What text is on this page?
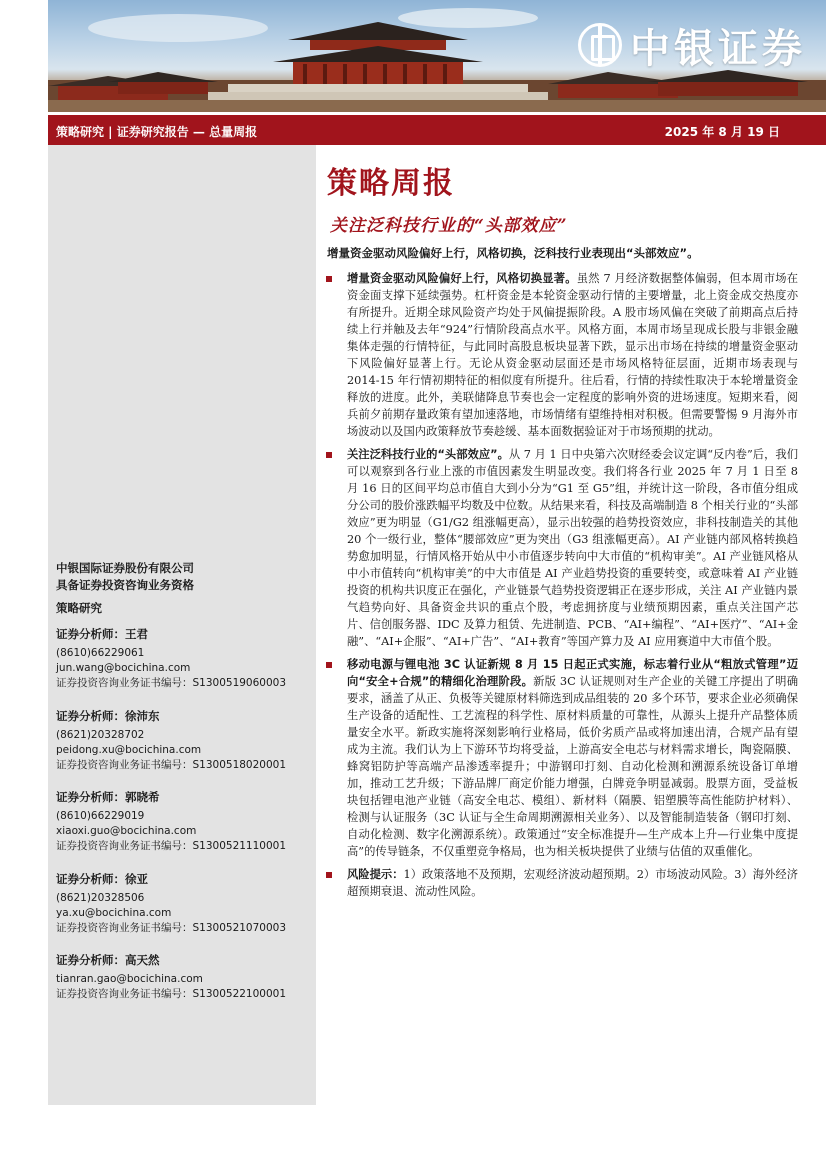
中银证券
策略研究 | 证券研究报告 — 总量周报	2025 年 8 月 19 日
中银国际证券股份有限公司
具备证券投资咨询业务资格
策略研究
证券分析师：王君
(8610)66229061
jun.wang@bocichina.com
证券投资咨询业务证书编号：S1300519060003
证券分析师：徐沛东
(8621)20328702
peidong.xu@bocichina.com
证券投资咨询业务证书编号：S1300518020001
证券分析师：郭晓希
(8610)66229019
xiaoxi.guo@bocichina.com
证券投资咨询业务证书编号：S1300521110001
证券分析师：徐亚
(8621)20328506
ya.xu@bocichina.com
证券投资咨询业务证书编号：S1300521070003
证券分析师：高天然
tianran.gao@bocichina.com
证券投资咨询业务证书编号：S1300522100001
策略周报
关注泛科技行业的“头部效应”
增量资金驱动风险偏好上行，风格切换，泛科技行业表现出“头部效应”。
增量资金驱动风险偏好上行，风格切换显著。虽然 7 月经济数据整体偏弱，但本周市场在资金面支撑下延续强势。杠杆资金是本轮资金驱动行情的主要增量，北上资金成交热度亦有所提升。近期全球风险资产均处于风偏提振阶段。A 股市场风偏在突破了前期高点后持续上行并触及去年“924”行情阶段高点水平。风格方面，本周市场呈现成长股与非银金融集体走强的行情特征，与此同时高股息板块显著下跌，显示出市场在持续的增量资金驱动下风险偏好显著上行。无论从资金驱动层面还是市场风格特征层面，近期市场表现与 2014-15 年行情初期特征的相似度有所提升。往后看，行情的持续性取决于本轮增量资金释放的进度。此外，美联储降息节奏也会一定程度的影响外资的进场速度。短期来看，阅兵前夕前期存量政策有望加速落地，市场情绪有望维持相对积极。但需要警惕 9 月海外市场波动以及国内政策释放节奏趁缓、基本面数据验证对于市场预期的扰动。
关注泛科技行业的“头部效应”。从 7 月 1 日中央第六次财经委会议定调“反内卷”后，我们可以观察到各行业上涨的市值因素发生明显改变。我们将各行业 2025 年 7 月 1 日至 8 月 16 日的区间平均总市值自大到小分为“G1 至 G5”组，并统计这一阶段，各市值分组成分公司的股价涨跌幅平均数及中位数。从结果来看，科技及高端制造 8 个相关行业的“头部效应”更为明显（G1/G2 组涨幅更高），显示出较强的趋势投资效应，非科技制造关的其他 20 个一级行业，整体“腰部效应”更为突出（G3 组涨幅更高）。AI 产业链内部风格转换趋势愈加明显，行情风格开始从中小市值逐步转向中大市值的“机构审美”。AI 产业链风格从中小市值转向“机构审美”的中大市值是 AI 产业趋势投资的重要转变，或意味着 AI 产业链投资的机构共识度正在强化，产业链景气趋势投资逻辑正在逐步形成，关注 AI 产业链内景气趋势向好、具备资金共识的重点个股，考虑拥挤度与业绩预期因素，重点关注国产芯片、信创服务器、IDC 及算力租赁、先进制造、PCB、“AI+编程”、“AI+医疗”、“AI+金融”、“AI+企服”、“AI+广告”、“AI+教育”等国产算力及 AI 应用赛道中大市值个股。
移动电源与锂电池 3C 认证新规 8 月 15 日起正式实施，标志着行业从“粗放式管理”迈向“安全+合规”的精细化治理阶段。新版 3C 认证规则对生产企业的关键工序提出了明确要求，涵盖了从正、负极等关键原材料筛选到成品组装的 20 多个环节，要求企业必须确保生产设备的适配性、工艺流程的科学性、原材料质量的可靠性，从源头上提升产品整体质量安全水平。新政实施将深刻影响行业格局，低价劣质产品或将加速出清，合规产品有望成为主流。我们认为上下游环节均将受益，上游高安全电芯与材料需求增长，陶瓷隔膜、蜂窝铝防护等高端产品渗透率提升；中游钢印打刻、自动化检测和溯源系统设备订单增加，推动工艺升级；下游品牌厂商定价能力增强，白牌竞争明显减弱。股票方面，受益板块包括锂电池产业链（高安全电芯、模组）、新材料（隔膜、铝塑膜等高性能防护材料）、检测与认证服务（3C 认证与全生命周期溯源相关业务）、以及智能制造装备（钢印打刻、自动化检测、数字化溯源系统）。政策通过“安全标准提升—生产成本上升—行业集中度提高”的传导链条，不仅重塑竞争格局，也为相关板块提供了业绩与估值的双重催化。
风险提示：1）政策落地不及预期，宏观经济波动超预期。2）市场波动风险。3）海外经济超预期衰退、流动性风险。
